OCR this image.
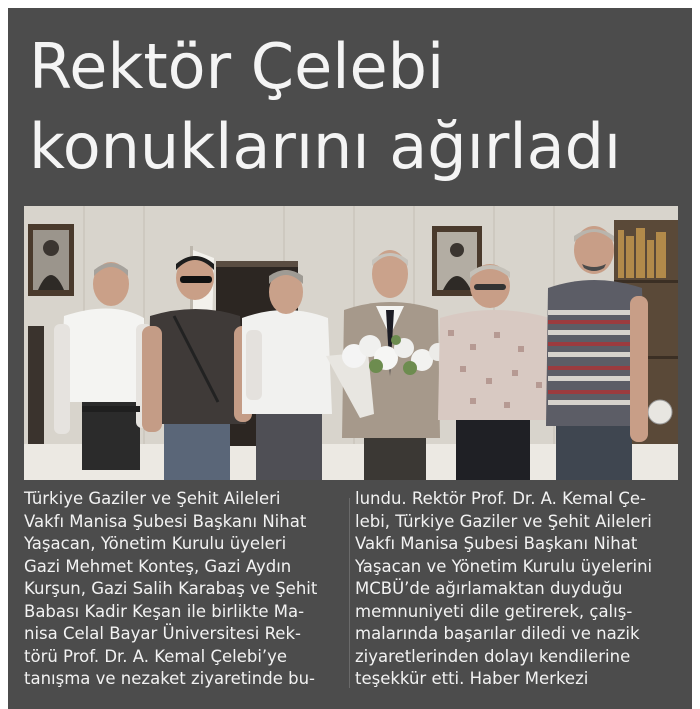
Rektör Çelebi
konuklarını ağırladı

Türkiye Gaziler ve Şehit Aileleri
Vakfı Manisa Şubesi Başkanı Nihat
Yaşacan, Yönetim Kurulu üyeleri
Gazi Mehmet Konteş, Gazi Aydın
Kurşun, Gazi Salih Karabaş ve Şehit
Babası Kadir Keşan ile birlikte Ma-
nisa Celal Bayar Üniversitesi Rek-
törü Prof. Dr. A. Kemal Çelebi’ye
tanışma ve nezaket ziyaretinde bu-

lundu. Rektör Prof. Dr. A. Kemal Çe-
lebi, Türkiye Gaziler ve Şehit Aileleri
Vakfı Manisa Şubesi Başkanı Nihat
Yaşacan ve Yönetim Kurulu üyelerini
MCBÜ’de ağırlamaktan duyduğu
memnuniyeti dile getirerek, çalış-
malarında başarılar diledi ve nazik
ziyaretlerinden dolayı kendilerine
teşekkür etti. Haber Merkezi
